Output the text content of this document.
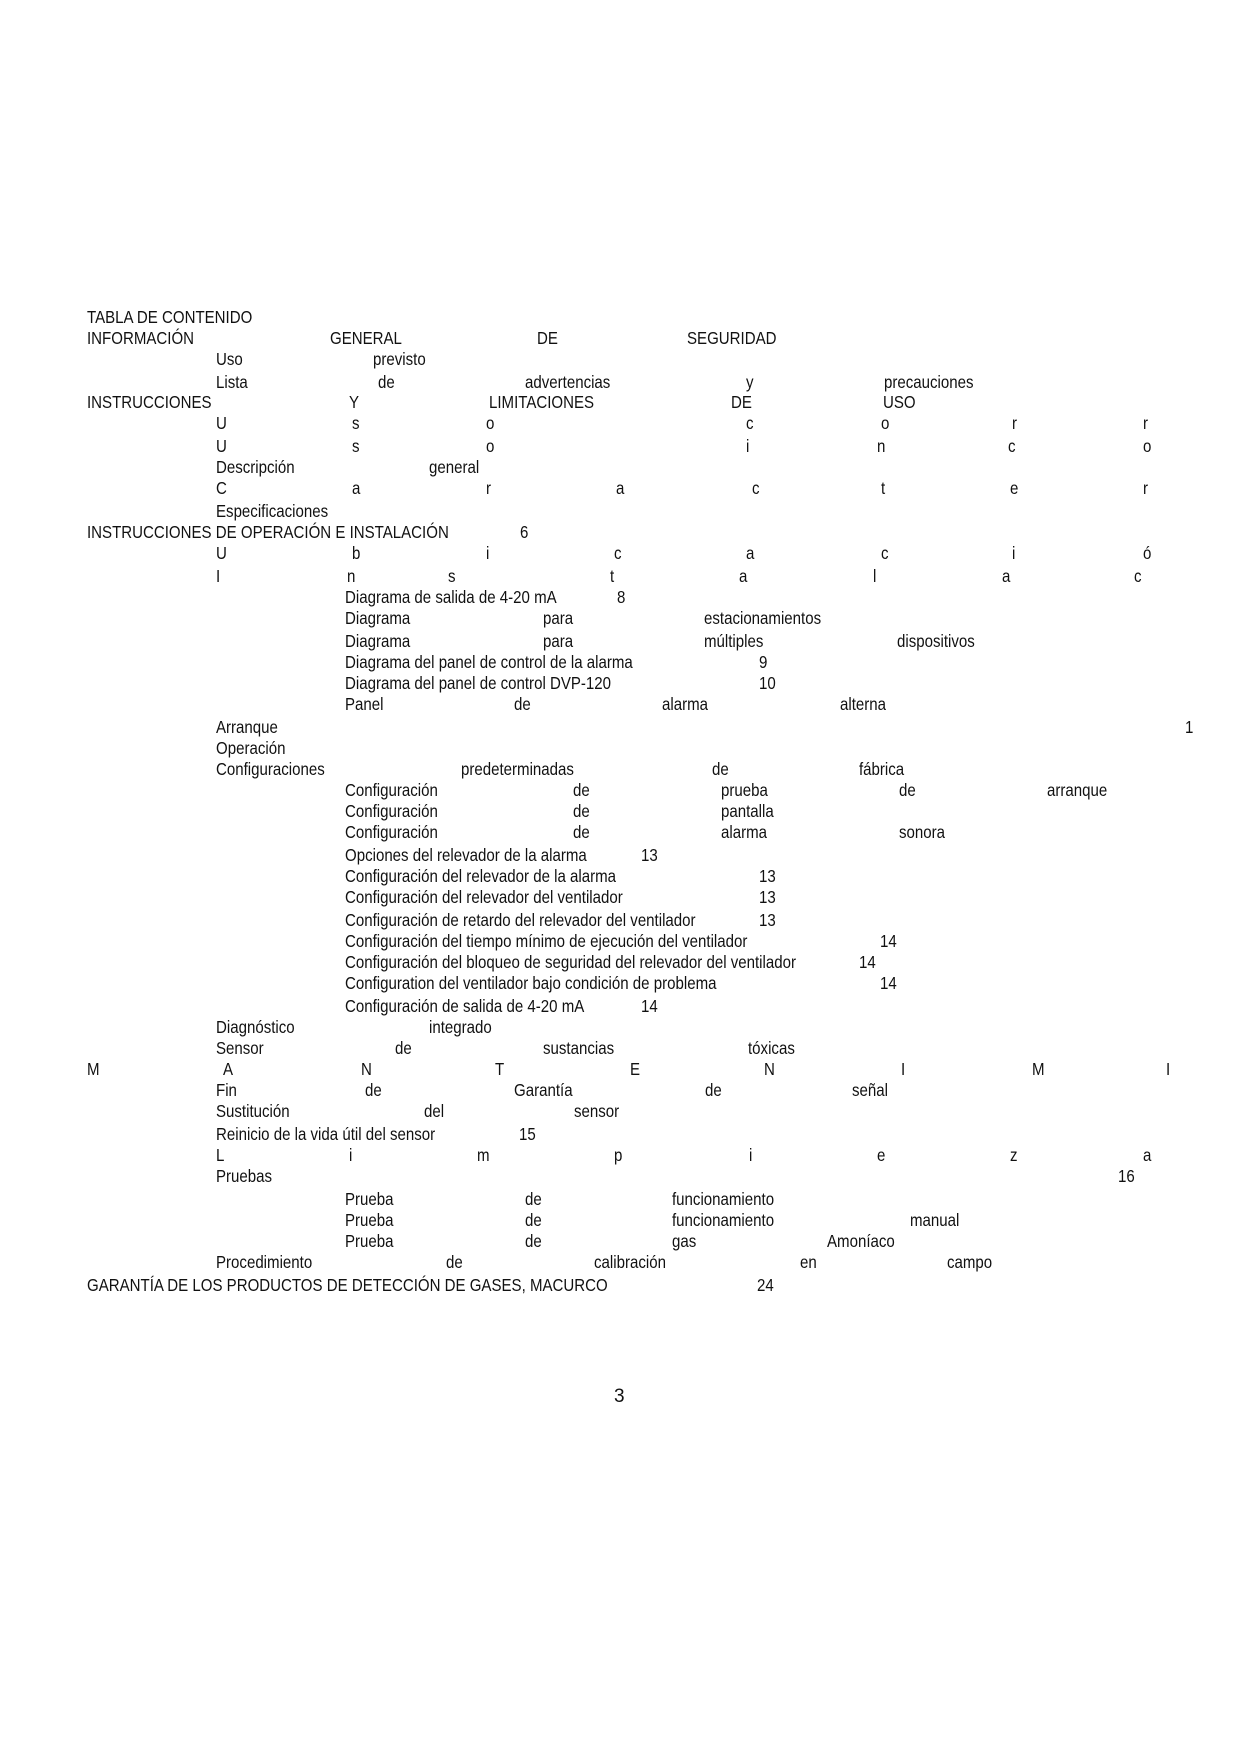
TABLA DE CONTENIDO
INFORMACIÓN	GENERAL	DE	SEGURIDAD
Uso	previsto
Lista	de	advertencias	y	precauciones
INSTRUCCIONES	Y	LIMITACIONES	DE	USO
U	s	o	c	o	r	r
U	s	o	i	n	c	o
Descripción	general
C	a	r	a	c	t	e	r
Especificaciones
INSTRUCCIONES DE OPERACIÓN E INSTALACIÓN	6
U	b	i	c	a	c	i	ó
I	n	s	t	a	l	a	c
Diagrama de salida de 4-20 mA	8
Diagrama	para	estacionamientos
Diagrama	para	múltiples	dispositivos
Diagrama del panel de control de la alarma	9
Diagrama del panel de control DVP-120	10
Panel	de	alarma	alterna
Arranque	1
Operación
Configuraciones	predeterminadas	de	fábrica
Configuración	de	prueba	de	arranque
Configuración	de	pantalla
Configuración	de	alarma	sonora
Opciones del relevador de la alarma	13
Configuración del relevador de la alarma	13
Configuración del relevador del ventilador	13
Configuración de retardo del relevador del ventilador	13
Configuración del tiempo mínimo de ejecución del ventilador	14
Configuración del bloqueo de seguridad del relevador del ventilador	14
Configuration del ventilador bajo condición de problema	14
Configuración de salida de 4-20 mA	14
Diagnóstico	integrado
Sensor	de	sustancias	tóxicas
M	A	N	T	E	N	I	M	I
Fin	de	Garantía	de	señal
Sustitución	del	sensor
Reinicio de la vida útil del sensor	15
L	i	m	p	i	e	z	a
Pruebas	16
Prueba	de	funcionamiento
Prueba	de	funcionamiento	manual
Prueba	de	gas	Amoníaco
Procedimiento	de	calibración	en	campo
GARANTÍA DE LOS PRODUCTOS DE DETECCIÓN DE GASES, MACURCO	24
3
